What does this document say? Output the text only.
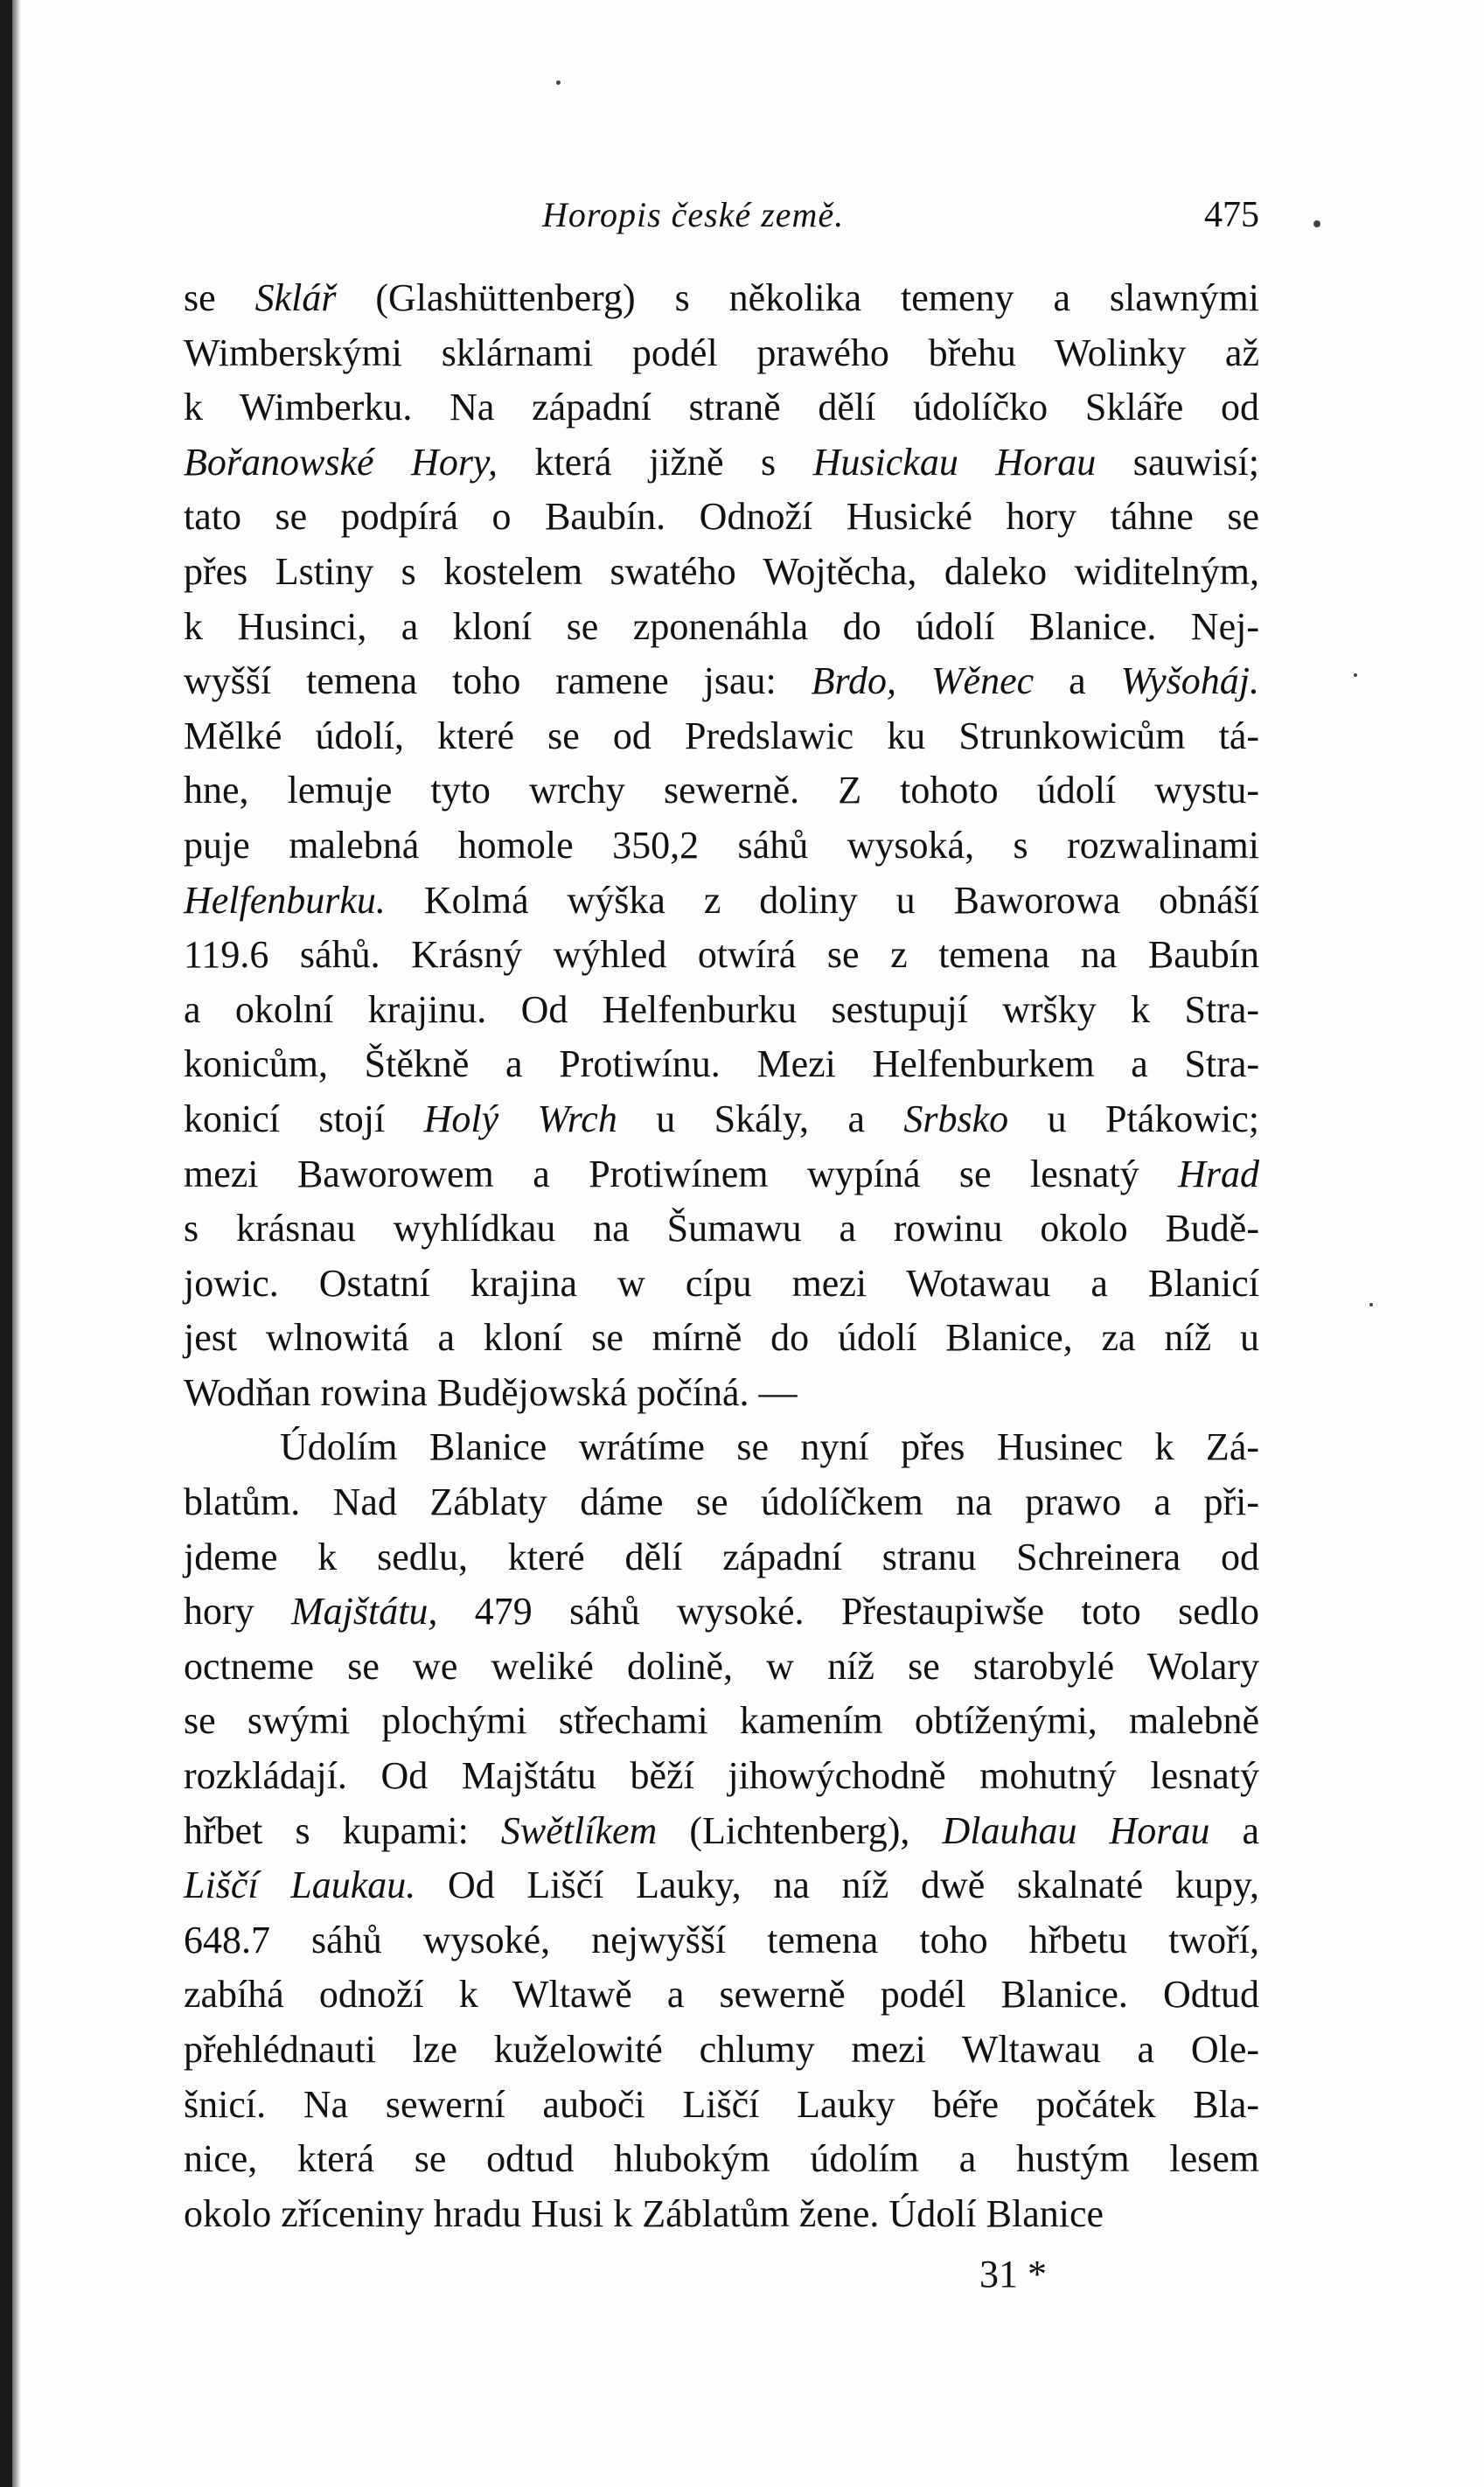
Horopis české země.	475
se Sklář (Glashüttenberg) s několika temeny a slawnými
Wimberskými sklárnami podél prawého břehu Wolinky až
k Wimberku. Na západní straně dělí údolíčko Skláře od
Bořanowské Hory, která jižně s Husickau Horau sauwisí;
tato se podpírá o Baubín. Odnoží Husické hory táhne se
přes Lstiny s kostelem swatého Wojtěcha, daleko widitelným,
k Husinci, a kloní se zponenáhla do údolí Blanice. Nej-
wyšší temena toho ramene jsau: Brdo, Wěnec a Wyšoháj.
Mělké údolí, které se od Predslawic ku Strunkowicům tá-
hne, lemuje tyto wrchy sewerně. Z tohoto údolí wystu-
puje malebná homole 350,2 sáhů wysoká, s rozwalinami
Helfenburku. Kolmá wýška z doliny u Baworowa obnáší
119.6 sáhů. Krásný wýhled otwírá se z temena na Baubín
a okolní krajinu. Od Helfenburku sestupují wršky k Stra-
konicům, Štěkně a Protiwínu. Mezi Helfenburkem a Stra-
konicí stojí Holý Wrch u Skály, a Srbsko u Ptákowic;
mezi Baworowem a Protiwínem wypíná se lesnatý Hrad
s krásnau wyhlídkau na Šumawu a rowinu okolo Budě-
jowic. Ostatní krajina w cípu mezi Wotawau a Blanicí
jest wlnowitá a kloní se mírně do údolí Blanice, za níž u
Wodňan rowina Budějowská počíná. —
Údolím Blanice wrátíme se nyní přes Husinec k Zá-
blatům. Nad Záblaty dáme se údolíčkem na prawo a při-
jdeme k sedlu, které dělí západní stranu Schreinera od
hory Majštátu, 479 sáhů wysoké. Přestaupiwše toto sedlo
octneme se we weliké dolině, w níž se starobylé Wolary
se swými plochými střechami kamením obtíženými, malebně
rozkládají. Od Majštátu běží jihowýchodně mohutný lesnatý
hřbet s kupami: Swětlíkem (Lichtenberg), Dlauhau Horau a
Liščí Laukau. Od Liščí Lauky, na níž dwě skalnaté kupy,
648.7 sáhů wysoké, nejwyšší temena toho hřbetu twoří,
zabíhá odnoží k Wltawě a sewerně podél Blanice. Odtud
přehlédnauti lze kuželowité chlumy mezi Wltawau a Ole-
šnicí. Na sewerní auboči Liščí Lauky béře počátek Bla-
nice, která se odtud hlubokým údolím a hustým lesem
okolo zříceniny hradu Husi k Záblatům žene. Údolí Blanice
31 *
